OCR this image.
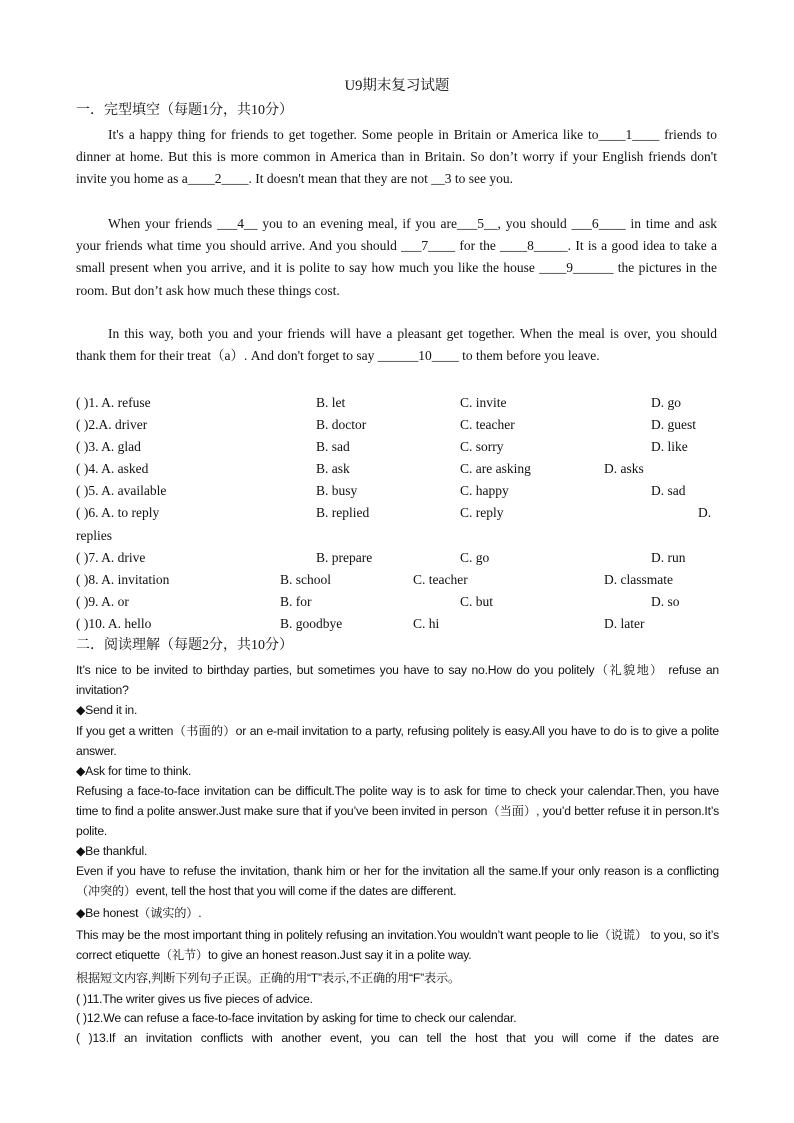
U9期末复习试题
一．完型填空（每题1分，共10分）
It's a happy thing for friends to get together. Some people in Britain or America like to____1____ friends to dinner at home. But this is more common in America than in Britain. So don’t worry if your English friends don't invite you home as a____2____. It doesn't mean that they are not __3 to see you.
When your friends ___4__ you to an evening meal, if you are___5__, you should ___6____ in time and ask your friends what time you should arrive. And you should ___7____ for the ____8_____. It is a good idea to take a small present when you arrive, and it is polite to say how much you like the house ____9______ the pictures in the room. But don’t ask how much these things cost.
In this way, both you and your friends will have a pleasant get together. When the meal is over, you should thank them for their treat（a）. And don't forget to say ______10____ to them before you leave.
( )1. A. refuse	B. let	C. invite	D. go
( )2.A. driver	B. doctor	C. teacher	D. guest
( )3. A. glad	B. sad	C. sorry	D. like
( )4. A. asked	B. ask	C. are asking	D. asks
( )5. A. available	B. busy	C. happy	D. sad
( )6. A. to reply	B. replied	C. reply	D.
replies
( )7. A. drive	B. prepare	C. go	D. run
( )8. A. invitation	B. school	C. teacher	D. classmate
( )9. A. or	B. for	C. but	D. so
( )10. A. hello	B. goodbye	C. hi	D. later
二．阅读理解（每题2分，共10分）
It’s nice to be invited to birthday parties, but sometimes you have to say no.How do you politely（礼貌地） refuse an invitation?
◆Send it in.
If you get a written（书面的）or an e-mail invitation to a party, refusing politely is easy.All you have to do is to give a polite answer.
◆Ask for time to think.
Refusing a face-to-face invitation can be difficult.The polite way is to ask for time to check your calendar.Then, you have time to find a polite answer.Just make sure that if you’ve been invited in person（当面）, you’d better refuse it in person.It’s polite.
◆Be thankful.
Even if you have to refuse the invitation, thank him or her for the invitation all the same.If your only reason is a conflicting（冲突的）event, tell the host that you will come if the dates are different.
◆Be honest（诚实的）.
This may be the most important thing in politely refusing an invitation.You wouldn’t want people to lie（说谎） to you, so it’s correct etiquette（礼节）to give an honest reason.Just say it in a polite way.
根据短文内容,判断下列句子正误。正确的用“T”表示,不正确的用“F”表示。
( )11.The writer gives us five pieces of advice.
( )12.We can refuse a face-to-face invitation by asking for time to check our calendar.
( )13.If an invitation conflicts with another event, you can tell the host that you will come if the dates are
